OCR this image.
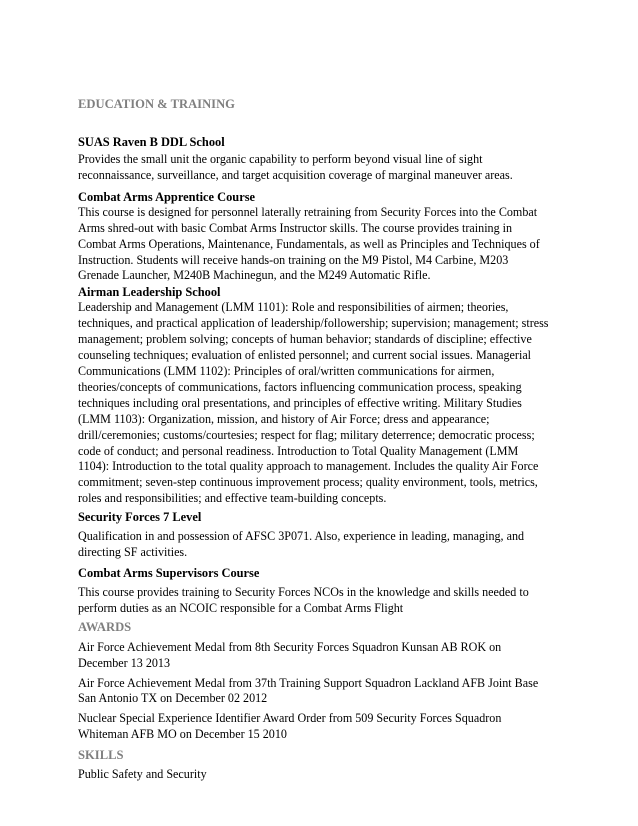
EDUCATION & TRAINING
SUAS Raven B DDL School
Provides the small unit the organic capability to perform beyond visual line of sight
reconnaissance, surveillance, and target acquisition coverage of marginal maneuver areas.
Combat Arms Apprentice Course
This course is designed for personnel laterally retraining from Security Forces into the Combat
Arms shred-out with basic Combat Arms Instructor skills. The course provides training in
Combat Arms Operations, Maintenance, Fundamentals, as well as Principles and Techniques of
Instruction. Students will receive hands-on training on the M9 Pistol, M4 Carbine, M203
Grenade Launcher, M240B Machinegun, and the M249 Automatic Rifle.
Airman Leadership School
Leadership and Management (LMM 1101): Role and responsibilities of airmen; theories,
techniques, and practical application of leadership/followership; supervision; management; stress
management; problem solving; concepts of human behavior; standards of discipline; effective
counseling techniques; evaluation of enlisted personnel; and current social issues. Managerial
Communications (LMM 1102): Principles of oral/written communications for airmen,
theories/concepts of communications, factors influencing communication process, speaking
techniques including oral presentations, and principles of effective writing. Military Studies
(LMM 1103): Organization, mission, and history of Air Force; dress and appearance;
drill/ceremonies; customs/courtesies; respect for flag; military deterrence; democratic process;
code of conduct; and personal readiness. Introduction to Total Quality Management (LMM
1104): Introduction to the total quality approach to management. Includes the quality Air Force
commitment; seven-step continuous improvement process; quality environment, tools, metrics,
roles and responsibilities; and effective team-building concepts.
Security Forces 7 Level
Qualification in and possession of AFSC 3P071. Also, experience in leading, managing, and
directing SF activities.
Combat Arms Supervisors Course
This course provides training to Security Forces NCOs in the knowledge and skills needed to
perform duties as an NCOIC responsible for a Combat Arms Flight
AWARDS
Air Force Achievement Medal from 8th Security Forces Squadron Kunsan AB ROK on
December 13 2013
Air Force Achievement Medal from 37th Training Support Squadron Lackland AFB Joint Base
San Antonio TX on December 02 2012
Nuclear Special Experience Identifier Award Order from 509 Security Forces Squadron
Whiteman AFB MO on December 15 2010
SKILLS
Public Safety and Security
